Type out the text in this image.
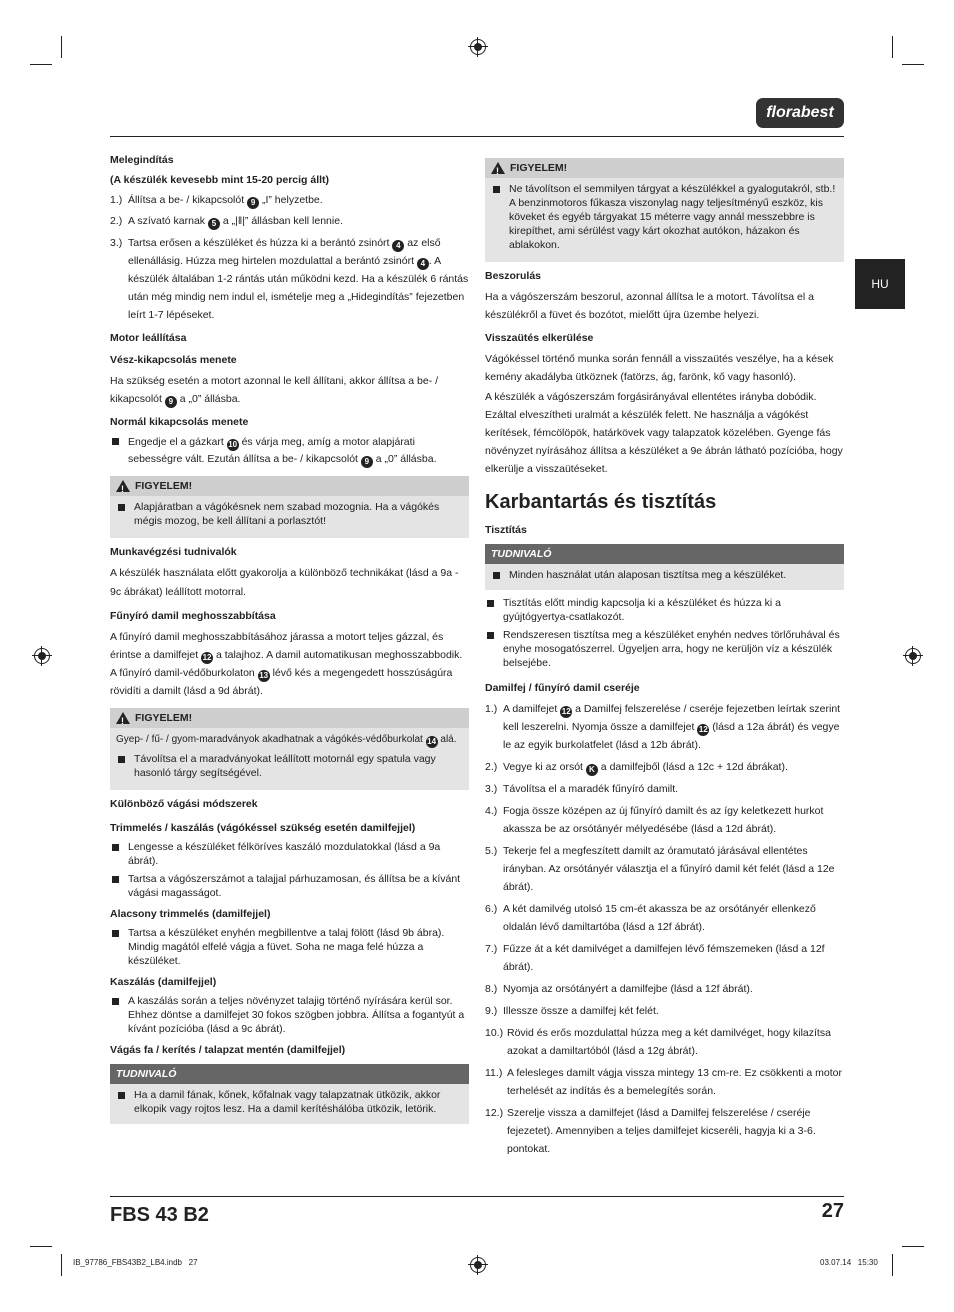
florabest
HU
Melegindítás
(A készülék kevesebb mint 15-20 percig állt)
1.) Állítsa a be- / kikapcsolót 9 „I” helyzetbe.
2.) A szívató karnak 5 a „|‖|” állásban kell lennie.
3.) Tartsa erősen a készüléket és húzza ki a berántó zsinórt 4 az első ellenállásig. Húzza meg hirtelen mozdulattal a berántó zsinórt 4 . A készülék általában 1-2 rántás után működni kezd. Ha a készülék 6 rántás után még mindig nem indul el, ismételje meg a „Hidegindítás” fejezetben leírt 1-7 lépéseket.
Motor leállítása
Vész-kikapcsolás menete

Ha szükség esetén a motort azonnal le kell állítani, akkor állítsa a be- / kikapcsolót 9 a „0” állásba.

Normál kikapcsolás menete
Engedje el a gázkart 10 és várja meg, amíg a motor alapjárati sebességre vált. Ezután állítsa a be- / kikapcsolót 9 a „0” állásba.
!
FIGYELEM!
Alapjáratban a vágókésnek nem szabad mozognia. Ha a vágókés mégis mozog, be kell állítani a porlasztót!
Munkavégzési tudnivalók

A készülék használata előtt gyakorolja a különböző technikákat (lásd a 9a - 9c ábrákat) leállított motorral.

Fűnyíró damil meghosszabbítása

A fűnyíró damil meghosszabbításához járassa a motort teljes gázzal, és érintse a damilfejet 12 a talajhoz. A damil automatikusan meghosszabbodik. A fűnyíró damil-védőburkolaton 13 lévő kés a megengedett hosszúságúra rövidíti a damilt (lásd a 9d ábrát).

!
FIGYELEM!

Gyep- / fű- / gyom-maradványok akadhatnak a vágókés-védőburkolat 14 alá.

Távolítsa el a maradványokat leállított motornál egy spatula vagy hasonló tárgy segítségével.
Különböző vágási módszerek
Trimmelés / kaszálás (vágókéssel szükség esetén damilfejjel)
Lengesse a készüléket félköríves kaszáló mozdulatokkal (lásd a 9a ábrát).
Tartsa a vágószerszámot a talajjal párhuzamosan, és állítsa be a kívánt vágási magasságot.
Alacsony trimmelés (damilfejjel)
Tartsa a készüléket enyhén megbillentve a talaj fölött (lásd 9b ábra). Mindig magától elfelé vágja a füvet. Soha ne maga felé húzza a készüléket.
Kaszálás (damilfejjel)
A kaszálás során a teljes növényzet talajig történő nyírására kerül sor. Ehhez döntse a damilfejet 30 fokos szögben jobbra. Állítsa a fogantyút a kívánt pozícióba (lásd a 9c ábrát).
Vágás fa / kerítés / talapzat mentén (damilfejjel)
TUDNIVALÓ
Ha a damil fának, kőnek, kőfalnak vagy talapzatnak ütközik, akkor elkopik vagy rojtos lesz. Ha a damil kerítéshálóba ütközik, letörik.
!
FIGYELEM!
Ne távolítson el semmilyen tárgyat a készülékkel a gyalogutakról, stb.! A benzinmotoros fűkasza viszonylag nagy teljesítményű eszköz, kis köveket és egyéb tárgyakat 15 méterre vagy annál messzebbre is kirepíthet, ami sérülést vagy kárt okozhat autókon, házakon és ablakokon.
Beszorulás

Ha a vágószerszám beszorul, azonnal állítsa le a motort. Távolítsa el a készülékről a füvet és bozótot, mielőtt újra üzembe helyezi.

Visszaütés elkerülése

Vágókéssel történő munka során fennáll a visszaütés veszélye, ha a kések kemény akadályba ütköznek (fatörzs, ág, farönk, kő vagy hasonló).

A készülék a vágószerszám forgásirányával ellentétes irányba dobódik. Ezáltal elveszítheti uralmát a készülék felett. Ne használja a vágókést kerítések, fémcölöpök, határkövek vagy talapzatok közelében. Gyenge fás növényzet nyírásához állítsa a készüléket a 9e ábrán látható pozícióba, hogy elkerülje a visszaütéseket.

Karbantartás és tisztítás
Tisztítás
TUDNIVALÓ
Minden használat után alaposan tisztítsa meg a készüléket.
Tisztítás előtt mindig kapcsolja ki a készüléket és húzza ki a gyújtógyertya-csatlakozót.
Rendszeresen tisztítsa meg a készüléket enyhén nedves törlőruhával és enyhe mosogatószerrel. Ügyeljen arra, hogy ne kerüljön víz a készülék belsejébe.
Damilfej / fűnyíró damil cseréje
1.) A damilfejet 12 a Damilfej felszerelése / cseréje fejezetben leírtak szerint kell leszerelni. Nyomja össze a damilfejet 12 (lásd a 12a ábrát) és vegye le az egyik burkolatfelet (lásd a 12b ábrát).
2.) Vegye ki az orsót K a damilfejből (lásd a 12c + 12d ábrákat).
3.) Távolítsa el a maradék fűnyíró damilt.
4.) Fogja össze középen az új fűnyíró damilt és az így keletkezett hurkot akassza be az orsótányér mélyedésébe (lásd a 12d ábrát).
5.) Tekerje fel a megfeszített damilt az óramutató járásával ellentétes irányban. Az orsótányér választja el a fűnyíró damil két felét (lásd a 12e ábrát).
6.) A két damilvég utolsó 15 cm-ét akassza be az orsótányér ellenkező oldalán lévő damiltartóba (lásd a 12f ábrát).
7.) Fűzze át a két damilvéget a damilfejen lévő fémszemeken (lásd a 12f ábrát).
8.) Nyomja az orsótányért a damilfejbe (lásd a 12f ábrát).
9.) Illessze össze a damilfej két felét.
10.) Rövid és erős mozdulattal húzza meg a két damilvéget, hogy kilazítsa azokat a damiltartóból (lásd a 12g ábrát).
11.) A felesleges damilt vágja vissza mintegy 13 cm-re. Ez csökkenti a motor terhelését az indítás és a bemelegítés során.
12.) Szerelje vissza a damilfejet (lásd a Damilfej felszerelése / cseréje fejezetet). Amennyiben a teljes damilfejet kicseréli, hagyja ki a 3-6. pontokat.
FBS 43 B2	27
IB_97786_FBS43B2_LB4.indb   27	03.07.14   15:30
